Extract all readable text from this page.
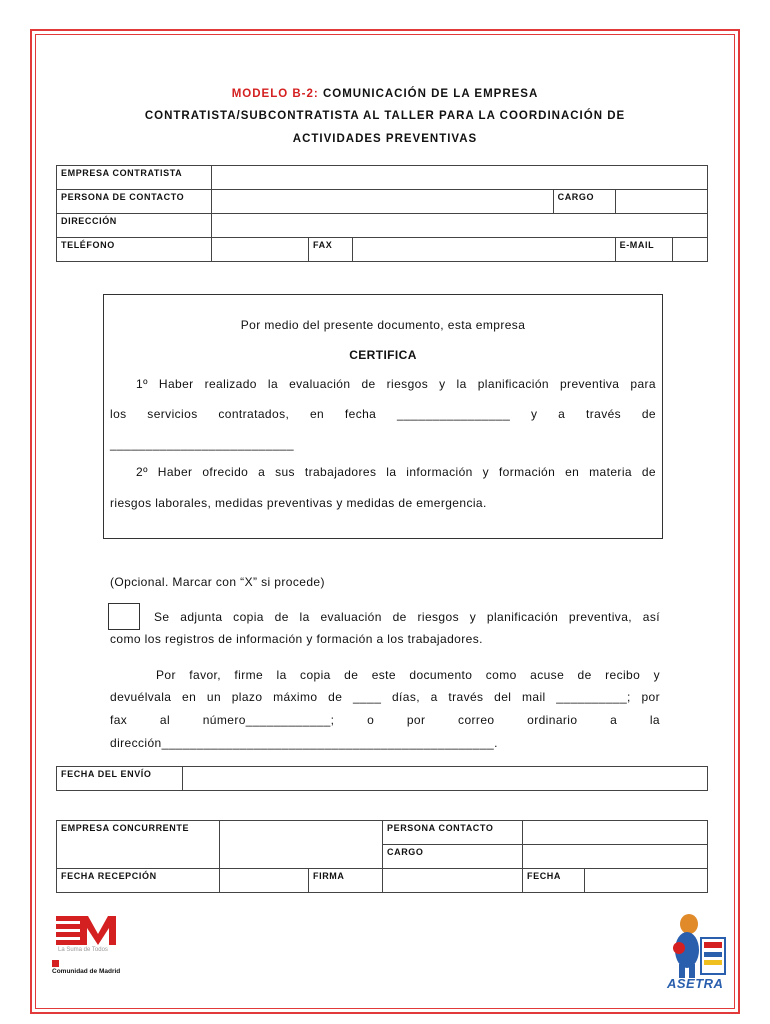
MODELO B-2: COMUNICACIÓN DE LA EMPRESA
CONTRATISTA/SUBCONTRATISTA AL TALLER PARA LA COORDINACIÓN DE
ACTIVIDADES PREVENTIVAS
EMPRESA CONTRATISTA						
PERSONA DE CONTACTO				CARGO		
DIRECCIÓN						
TELÉFONO		FAX			E-MAIL	
Por medio del presente documento, esta empresa
CERTIFICA
1º Haber realizado la evaluación de riesgos y la planificación preventiva para
los servicios contratados, en fecha ________________ y a través de
__________________________
2º Haber ofrecido a sus trabajadores la información y formación en materia de
riesgos laborales, medidas preventivas y medidas de emergencia.
(Opcional. Marcar con “X” si procede)
Se adjunta copia de la evaluación de riesgos y planificación preventiva, así
como los registros de información y formación a los trabajadores.
Por favor, firme la copia de este documento como acuse de recibo y
devuélvala en un plazo máximo de ____ días, a través del mail __________; por
fax al número____________; o por correo ordinario a la
dirección_______________________________________________.
FECHA DEL ENVÍO	
EMPRESA CONCURRENTE			PERSONA CONTACTO		
			CARGO		
FECHA RECEPCIÓN		FIRMA		FECHA	
La Suma de Todos
Comunidad de Madrid
ASETRA
